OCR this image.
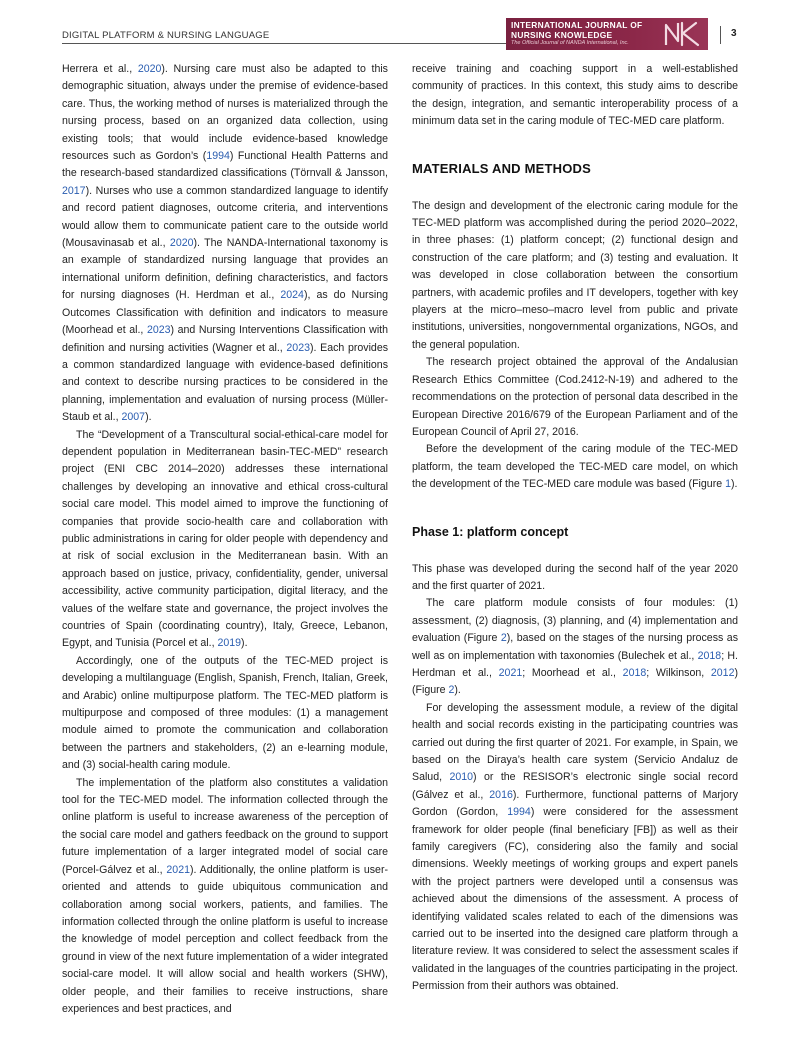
DIGITAL PLATFORM & NURSING LANGUAGE
INTERNATIONAL JOURNAL OF
NURSING KNOWLEDGE
The Official Journal of NANDA International, Inc.
3

Herrera et al., 2020). Nursing care must also be adapted to this demographic situation, always under the premise of evidence-based care. Thus, the working method of nurses is materialized through the nursing process, based on an organized data collection, using existing tools; that would include evidence-based knowledge resources such as Gordon’s (1994) Functional Health Patterns and the research-based standardized classifications (Törnvall & Jansson, 2017). Nurses who use a common standardized language to identify and record patient diagnoses, outcome criteria, and interventions would allow them to communicate patient care to the outside world (Mousavinasab et al., 2020). The NANDA-International taxonomy is an example of standardized nursing language that provides an international uniform definition, defining characteristics, and factors for nursing diagnoses (H. Herdman et al., 2024), as do Nursing Outcomes Classification with definition and indicators to measure (Moorhead et al., 2023) and Nursing Interventions Classification with definition and nursing activities (Wagner et al., 2023). Each provides a common standardized language with evidence-based definitions and context to describe nursing practices to be considered in the planning, implementation and evaluation of nursing process (Müller-Staub et al., 2007).

The “Development of a Transcultural social-ethical-care model for dependent population in Mediterranean basin-TEC-MED” research project (ENI CBC 2014–2020) addresses these international challenges by developing an innovative and ethical cross-cultural social care model. This model aimed to improve the functioning of companies that provide socio-health care and collaboration with public administrations in caring for older people with dependency and at risk of social exclusion in the Mediterranean basin. With an approach based on justice, privacy, confidentiality, gender, universal accessibility, active community participation, digital literacy, and the values of the welfare state and governance, the project involves the countries of Spain (coordinating country), Italy, Greece, Lebanon, Egypt, and Tunisia (Porcel et al., 2019).

Accordingly, one of the outputs of the TEC-MED project is developing a multilanguage (English, Spanish, French, Italian, Greek, and Arabic) online multipurpose platform. The TEC-MED platform is multipurpose and composed of three modules: (1) a management module aimed to promote the communication and collaboration between the partners and stakeholders, (2) an e-learning module, and (3) social-health caring module.

The implementation of the platform also constitutes a validation tool for the TEC-MED model. The information collected through the online platform is useful to increase awareness of the perception of the social care model and gathers feedback on the ground to support future implementation of a larger integrated model of social care (Porcel-Gálvez et al., 2021). Additionally, the online platform is user-oriented and attends to guide ubiquitous communication and collaboration among social workers, patients, and families. The information collected through the online platform is useful to increase the knowledge of model perception and collect feedback from the ground in view of the next future implementation of a wider integrated social-care model. It will allow social and health workers (SHW), older people, and their families to receive instructions, share experiences and best practices, and

receive training and coaching support in a well-established community of practices. In this context, this study aims to describe the design, integration, and semantic interoperability process of a minimum data set in the caring module of TEC-MED care platform.

MATERIALS AND METHODS

The design and development of the electronic caring module for the TEC-MED platform was accomplished during the period 2020–2022, in three phases: (1) platform concept; (2) functional design and construction of the care platform; and (3) testing and evaluation. It was developed in close collaboration between the consortium partners, with academic profiles and IT developers, together with key players at the micro–meso–macro level from public and private institutions, universities, nongovernmental organizations, NGOs, and the general population.

The research project obtained the approval of the Andalusian Research Ethics Committee (Cod.2412-N-19) and adhered to the recommendations on the protection of personal data described in the European Directive 2016/679 of the European Parliament and of the European Council of April 27, 2016.

Before the development of the caring module of the TEC-MED platform, the team developed the TEC-MED care model, on which the development of the TEC-MED care module was based (Figure 1).

Phase 1: platform concept

This phase was developed during the second half of the year 2020 and the first quarter of 2021.

The care platform module consists of four modules: (1) assessment, (2) diagnosis, (3) planning, and (4) implementation and evaluation (Figure 2), based on the stages of the nursing process as well as on implementation with taxonomies (Bulechek et al., 2018; H. Herdman et al., 2021; Moorhead et al., 2018; Wilkinson, 2012) (Figure 2).

For developing the assessment module, a review of the digital health and social records existing in the participating countries was carried out during the first quarter of 2021. For example, in Spain, we based on the Diraya’s health care system (Servicio Andaluz de Salud, 2010) or the RESISOR’s electronic single social record (Gálvez et al., 2016). Furthermore, functional patterns of Marjory Gordon (Gordon, 1994) were considered for the assessment framework for older people (final beneficiary [FB]) as well as their family caregivers (FC), considering also the family and social dimensions. Weekly meetings of working groups and expert panels with the project partners were developed until a consensus was achieved about the dimensions of the assessment. A process of identifying validated scales related to each of the dimensions was carried out to be inserted into the designed care platform through a literature review. It was considered to select the assessment scales if validated in the languages of the countries participating in the project. Permission from their authors was obtained.
